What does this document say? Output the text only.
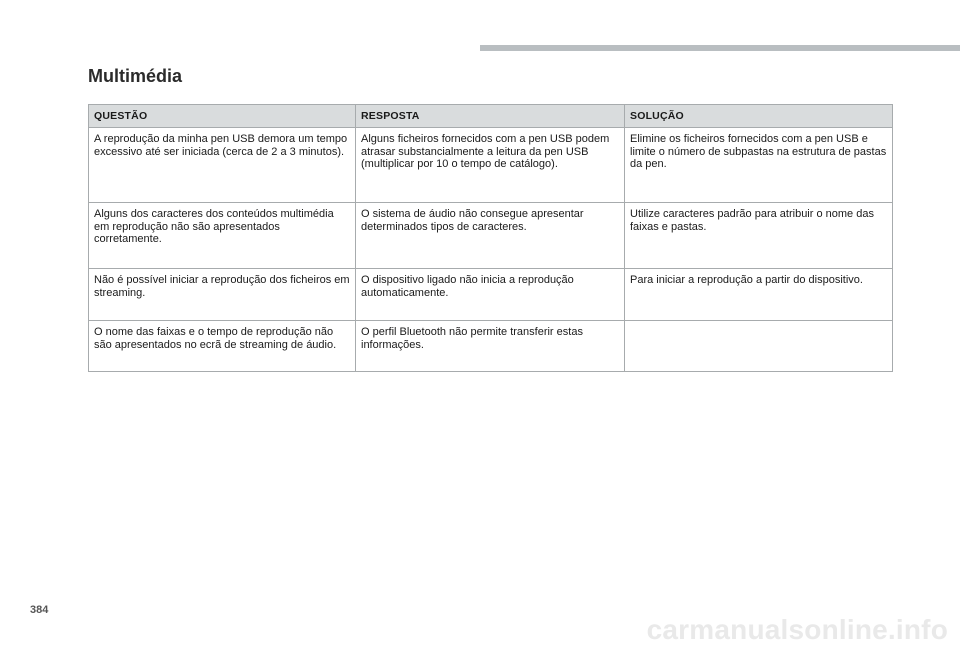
Multimédia
QUESTÃO	RESPOSTA	SOLUÇÃO
A reprodução da minha pen USB demora um tempo excessivo até ser iniciada (cerca de 2 a 3 minutos).	Alguns ficheiros fornecidos com a pen USB podem atrasar substancialmente a leitura da pen USB (multiplicar por 10 o tempo de catálogo).	Elimine os ficheiros fornecidos com a pen USB e limite o número de subpastas na estrutura de pastas da pen.
Alguns dos caracteres dos conteúdos multimédia em reprodução não são apresentados corretamente.	O sistema de áudio não consegue apresentar determinados tipos de caracteres.	Utilize caracteres padrão para atribuir o nome das faixas e pastas.
Não é possível iniciar a reprodução dos ficheiros em streaming.	O dispositivo ligado não inicia a reprodução automaticamente.	Para iniciar a reprodução a partir do dispositivo.
O nome das faixas e o tempo de reprodução não são apresentados no ecrã de streaming de áudio.	O perfil Bluetooth não permite transferir estas informações.	
384
carmanualsonline.info
